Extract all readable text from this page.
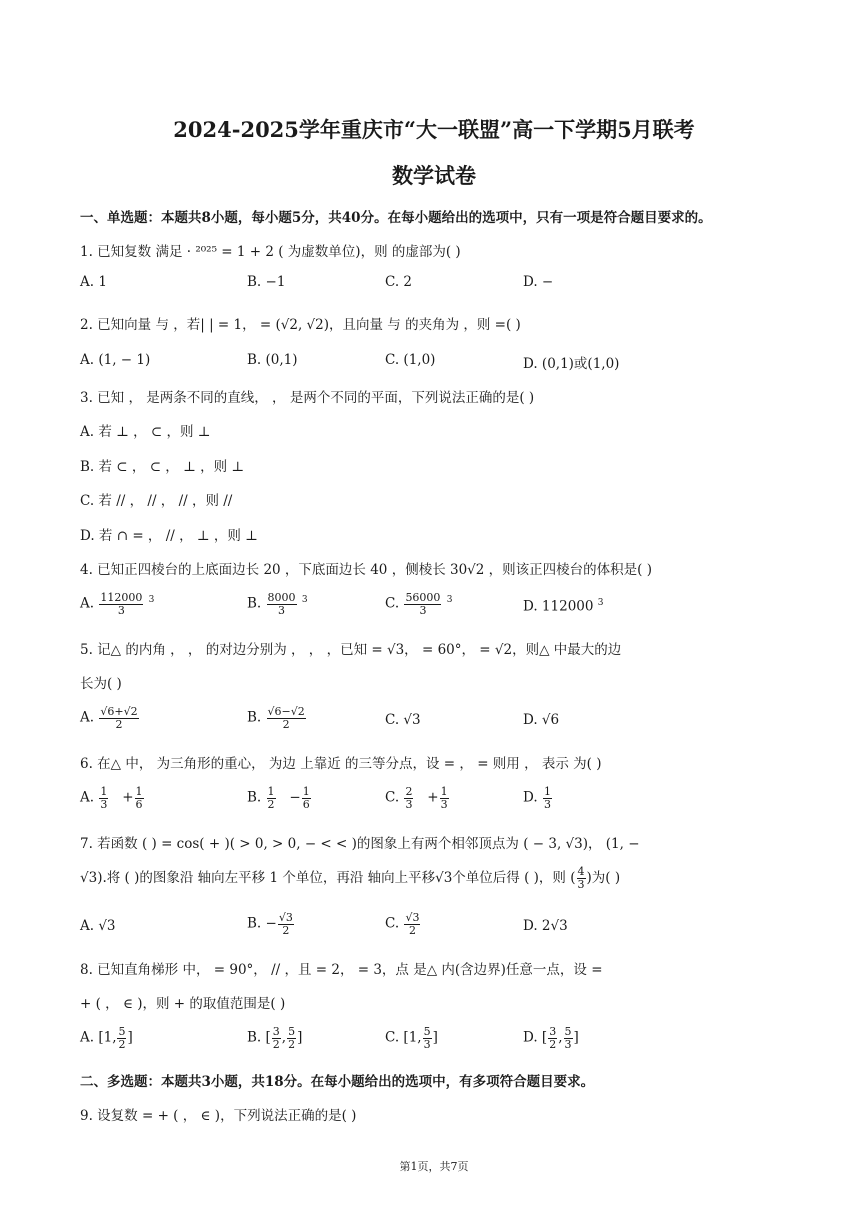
2024-2025学年重庆市“大一联盟”高一下学期5月联考
数学试卷
一、单选题：本题共8小题，每小题5分，共40分。在每小题给出的选项中，只有一项是符合题目要求的。
1. 已知复数 满足 · ²⁰²⁵ = 1 + 2 ( 为虚数单位)，则 的虚部为( )
A. 1	B. −1	C. 2	D. −
2. 已知向量 与 ，若| | = 1， = (√2, √2)，且向量 与 的夹角为 ，则 =( )
A. (1, − 1)	B. (0,1)	C. (1,0)	D. (0,1)或(1,0)
3. 已知 ， 是两条不同的直线， ， 是两个不同的平面，下列说法正确的是( )
A. 若 ⊥ ， ⊂ ，则 ⊥
B. 若 ⊂ ， ⊂ ， ⊥ ，则 ⊥
C. 若 // ， // ， // ，则 //
D. 若 ∩ = ， // ， ⊥ ，则 ⊥
4. 已知正四棱台的上底面边长 20 ，下底面边长 40 ，侧棱长 30√2 ，则该正四棱台的体积是( )
A. $\frac{112000}{3} ^3$	B. $\frac{8000}{3} ^3$	C. $\frac{56000}{3} ^3$	D. 112000 $^3$
5. 记△ 的内角 ， ， 的对边分别为 ， ， ，已知 = √3， = 60°， = √2，则△ 中最大的边
长为( )
A. $\frac{√6+√2}{2}$	B. $\frac{√6-√2}{2}$	C. √3	D. √6
6. 在△ 中， 为三角形的重心， 为边 上靠近 的三等分点，设 = ， = 则用 ， 表示 为( )
A. $\frac{1}{3} + \frac{1}{6}$	B. $\frac{1}{2} - \frac{1}{6}$	C. $\frac{2}{3} + \frac{1}{3}$	D. $\frac{1}{3}$
7. 若函数 ( ) = cos( + )( > 0, > 0, − < < )的图象上有两个相邻顶点为 ( − 3, √3)， (1, −
√3).将 ( )的图象沿 轴向左平移 1 个单位，再沿 轴向上平移√3个单位后得 ( )，则 ( $\frac{4}{3}$ )为( )
A. √3	B. − $\frac{√3}{2}$	C. $\frac{√3}{2}$	D. 2√3
8. 已知直角梯形 中， = 90°， // ，且 = 2， = 3，点 是△ 内(含边界)任意一点，设 =
+ ( ， ∈ )，则 + 的取值范围是( )
A. [1, $\frac{5}{2}$ ]	B. [ $\frac{3}{2}$ , $\frac{5}{2}$ ]	C. [1, $\frac{5}{3}$ ]	D. [ $\frac{3}{2}$ , $\frac{5}{3}$ ]
二、多选题：本题共3小题，共18分。在每小题给出的选项中，有多项符合题目要求。
9. 设复数 = + ( ， ∈ )，下列说法正确的是( )
第1页，共7页
